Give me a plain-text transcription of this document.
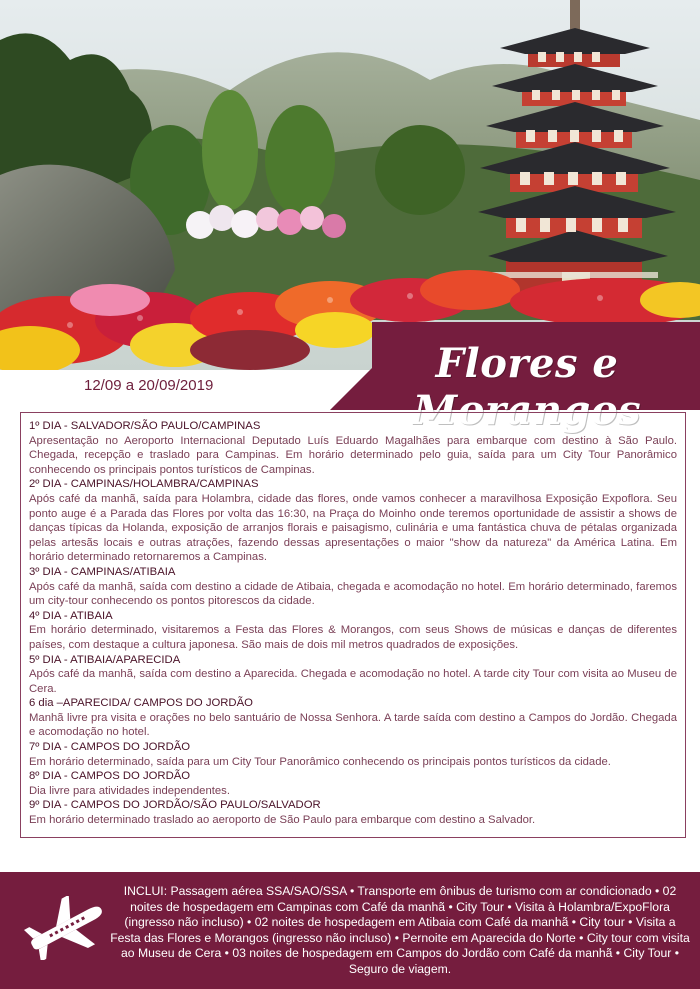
Flores e Morangos
12/09 a 20/09/2019

1º DIA - SALVADOR/SÃO PAULO/CAMPINAS

Apresentação no Aeroporto Internacional Deputado Luís Eduardo Magalhães para embarque com destino à São Paulo. Chegada, recepção e traslado para Campinas. Em horário determinado pelo guia, saída para um City Tour Panorâmico conhecendo os principais pontos turísticos de Campinas.

2º DIA - CAMPINAS/HOLAMBRA/CAMPINAS

Após café da manhã, saída para Holambra, cidade das flores, onde vamos conhecer a maravilhosa Exposição Expoflora. Seu ponto auge é a Parada das Flores por volta das 16:30, na Praça do Moinho onde teremos oportunidade de assistir a shows de danças típicas da Holanda, exposição de arranjos florais e paisagismo, culinária e uma fantástica chuva de pétalas organizada pelas artesãs locais e outras atrações, fazendo dessas apresentações o maior "show da natureza" da América Latina. Em horário determinado retornaremos a Campinas.

3º DIA - CAMPINAS/ATIBAIA

Após café da manhã, saída com destino a cidade de Atibaia, chegada e acomodação no hotel. Em horário determinado, faremos um city-tour conhecendo os pontos pitorescos da cidade.

4º DIA - ATIBAIA

Em horário determinado, visitaremos a Festa das Flores & Morangos, com seus Shows de músicas e danças de diferentes países, com destaque a cultura japonesa. São mais de dois mil metros quadrados de exposições.

5º DIA - ATIBAIA/APARECIDA

Após café da manhã, saída com destino a Aparecida. Chegada e acomodação no hotel. A tarde city Tour com visita ao Museu de Cera.

6 dia –APARECIDA/ CAMPOS DO JORDÃO

Manhã livre pra visita e orações no belo santuário de Nossa Senhora. A tarde saída com destino a Campos do Jordão. Chegada e acomodação no hotel.

7º DIA - CAMPOS DO JORDÃO

Em horário determinado, saída para um City Tour Panorâmico conhecendo os principais pontos turísticos da cidade.

8º DIA - CAMPOS DO JORDÃO

Dia livre para atividades independentes.

9º DIA - CAMPOS DO JORDÃO/SÃO PAULO/SALVADOR

Em horário determinado traslado ao aeroporto de São Paulo para embarque com destino a Salvador.

INCLUI: Passagem aérea SSA/SAO/SSA • Transporte em ônibus de turismo com ar condicionado • 02 noites de hospedagem em Campinas com Café da manhã • City Tour • Visita à Holambra/ExpoFlora (ingresso não incluso) • 02 noites de hospedagem em Atibaia com Café da manhã • City tour • Visita a Festa das Flores e Morangos (ingresso não incluso) • Pernoite em Aparecida do Norte • City tour com visita ao Museu de Cera • 03 noites de hospedagem em Campos do Jordão com Café da manhã • City Tour • Seguro de viagem.
